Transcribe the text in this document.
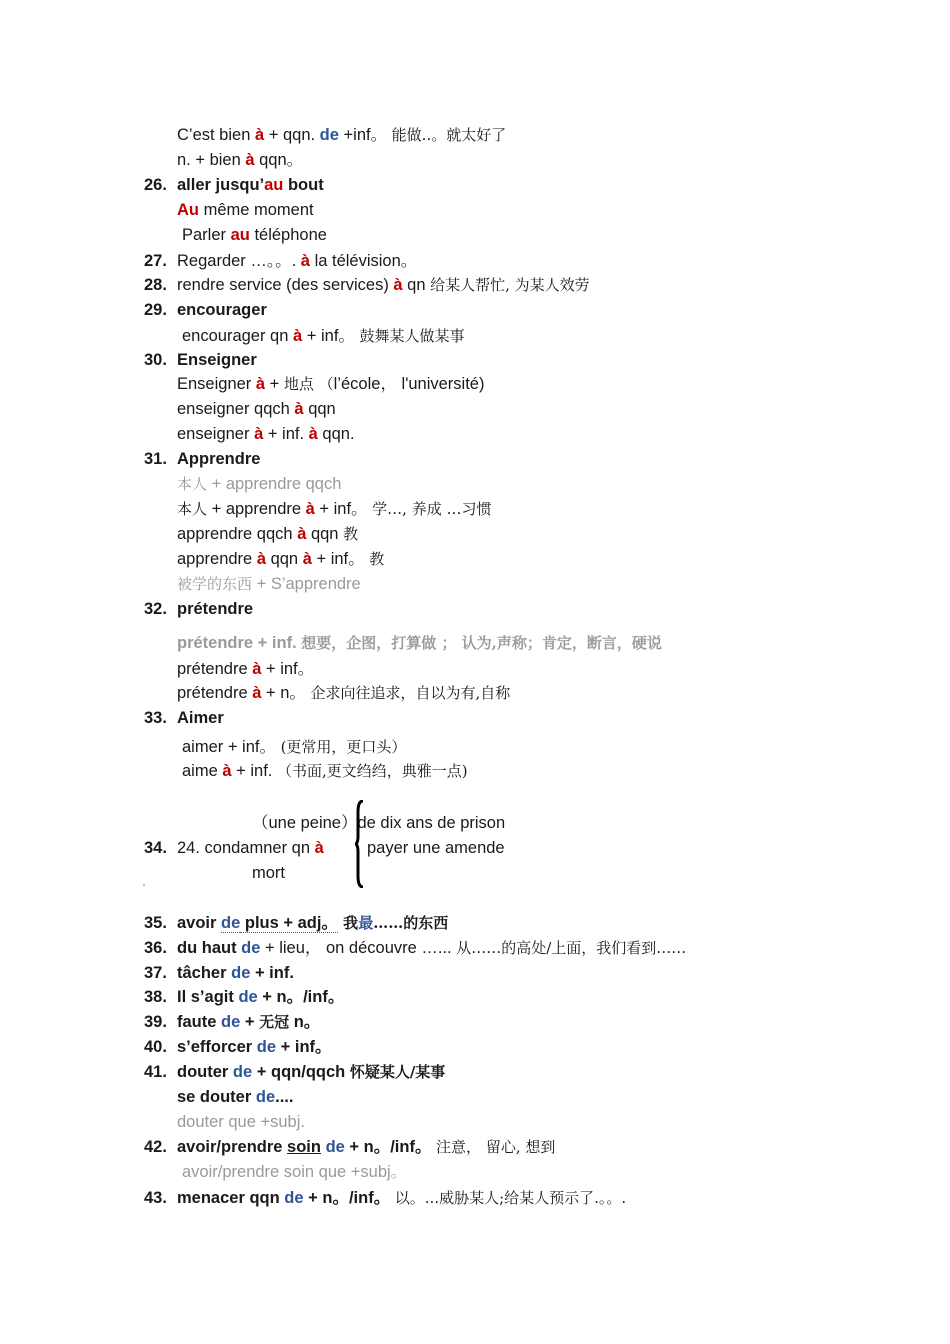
C’est bien à + qqn. de +inf。 能做..。就太好了
n. + bien à qqn。
26. aller jusqu’au bout
Au même moment
Parler au téléphone
27. Regarder …。。. à la télévision。
28. rendre service (des services) à qn 给某人帮忙, 为某人效劳
29. encourager
encourager qn à + inf。 鼓舞某人做某事
30. Enseigner
Enseigner à + 地点 （l’école， l'université)
enseigner qqch à qqn
enseigner à + inf. à qqn.
31. Apprendre
本人 + apprendre qqch
本人 + apprendre à + inf。 学…, 养成 …习惯
apprendre qqch à qqn 教
apprendre à qqn à + inf。 教
被学的东西 + S’apprendre
32. prétendre
prétendre + inf. 想要，企图，打算做 ； 认为,声称；肯定，断言，硬说
prétendre à + inf。
prétendre à + n。 企求向往追求，自以为有,自称
33. Aimer
aimer + inf。 (更常用，更口头）
aime à + inf. （书面,更文绉绉，典雅一点)
（une peine）de dix ans de prison
34. 24. condamner qn à	payer une amende
mort
35. avoir de plus + adj。 我最……的东西
36. du haut de + lieu， on découvre …... 从……的高处/上面，我们看到……
37. tâcher de + inf.
38. Il s’agit de + n。/inf。
39. faute de + 无冠 n。
40. s’efforcer de + inf。
41. douter de + qqn/qqch 怀疑某人/某事
se douter de....
douter que +subj.
42. avoir/prendre soin de + n。/inf。 注意， 留心, 想到
avoir/prendre soin que +subj。
43. menacer qqn de + n。/inf。 以。...威胁某人;给某人预示了.。。.
